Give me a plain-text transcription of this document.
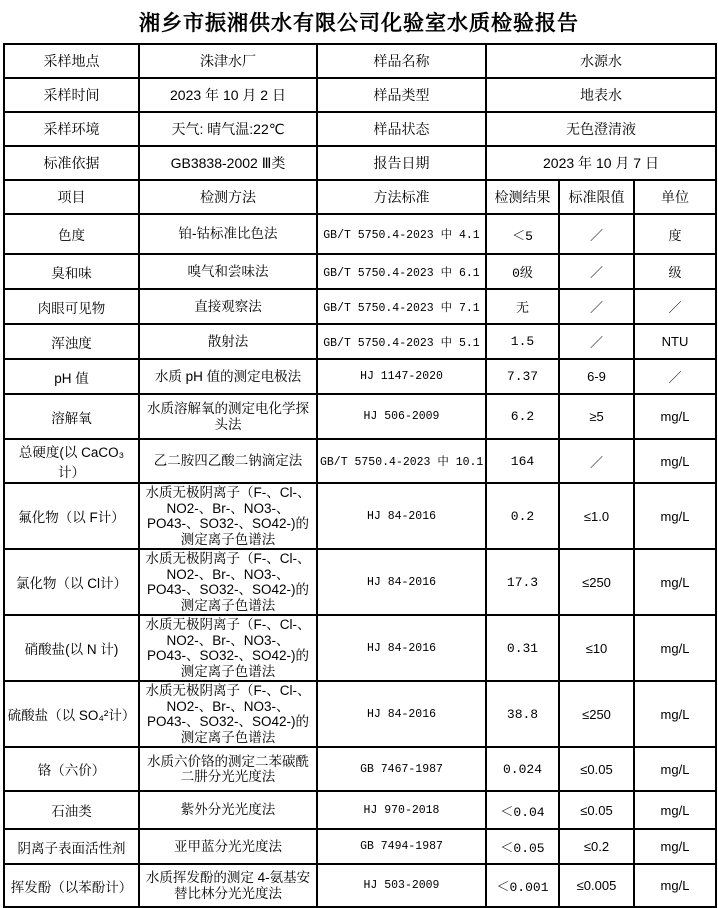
湘乡市振湘供水有限公司化验室水质检验报告
采样地点	洙津水厂	样品名称	水源水		
采样时间	2023 年 10 月 2 日	样品类型	地表水		
采样环境	天气: 晴气温:22℃	样品状态	无色澄清液		
标准依据	GB3838-2002 Ⅲ类	报告日期	2023 年 10 月 7 日		
项目	检测方法	方法标准	检测结果	标准限值	单位
色度	铂-钴标准比色法	GB/T 5750.4-2023 中 4.1	＜5	／	度
臭和味	嗅气和尝味法	GB/T 5750.4-2023 中 6.1	0级	／	级
肉眼可见物	直接观察法	GB/T 5750.4-2023 中 7.1	无	／	／
浑浊度	散射法	GB/T 5750.4-2023 中 5.1	1.5	／	NTU
pH 值	水质 pH 值的测定电极法	HJ 1147-2020	7.37	6-9	／
溶解氧	水质溶解氧的测定电化学探头法	HJ 506-2009	6.2	≥5	mg/L
总硬度(以 CaCO₃ 计）	乙二胺四乙酸二钠滴定法	GB/T 5750.4-2023 中 10.1	164	／	mg/L
氟化物（以 F计）	水质无极阴离子（F-、Cl-、NO2-、Br-、NO3-、PO43-、SO32-、SO42-)的测定离子色谱法	HJ 84-2016	0.2	≤1.0	mg/L
氯化物（以 Cl计）	水质无极阴离子（F-、Cl-、NO2-、Br-、NO3-、PO43-、SO32-、SO42-)的测定离子色谱法	HJ 84-2016	17.3	≤250	mg/L
硝酸盐(以 N 计)	水质无极阴离子（F-、Cl-、NO2-、Br-、NO3-、PO43-、SO32-、SO42-)的测定离子色谱法	HJ 84-2016	0.31	≤10	mg/L
硫酸盐（以 SO₄²计）	水质无极阴离子（F-、Cl-、NO2-、Br-、NO3-、PO43-、SO32-、SO42-)的测定离子色谱法	HJ 84-2016	38.8	≤250	mg/L
铬（六价）	水质六价铬的测定二苯碳酰二肼分光光度法	GB 7467-1987	0.024	≤0.05	mg/L
石油类	紫外分光光度法	HJ 970-2018	＜0.04	≤0.05	mg/L
阴离子表面活性剂	亚甲蓝分光光度法	GB 7494-1987	＜0.05	≤0.2	mg/L
挥发酚（以苯酚计）	水质挥发酚的测定 4-氨基安替比林分光光度法	HJ 503-2009	＜0.001	≤0.005	mg/L
